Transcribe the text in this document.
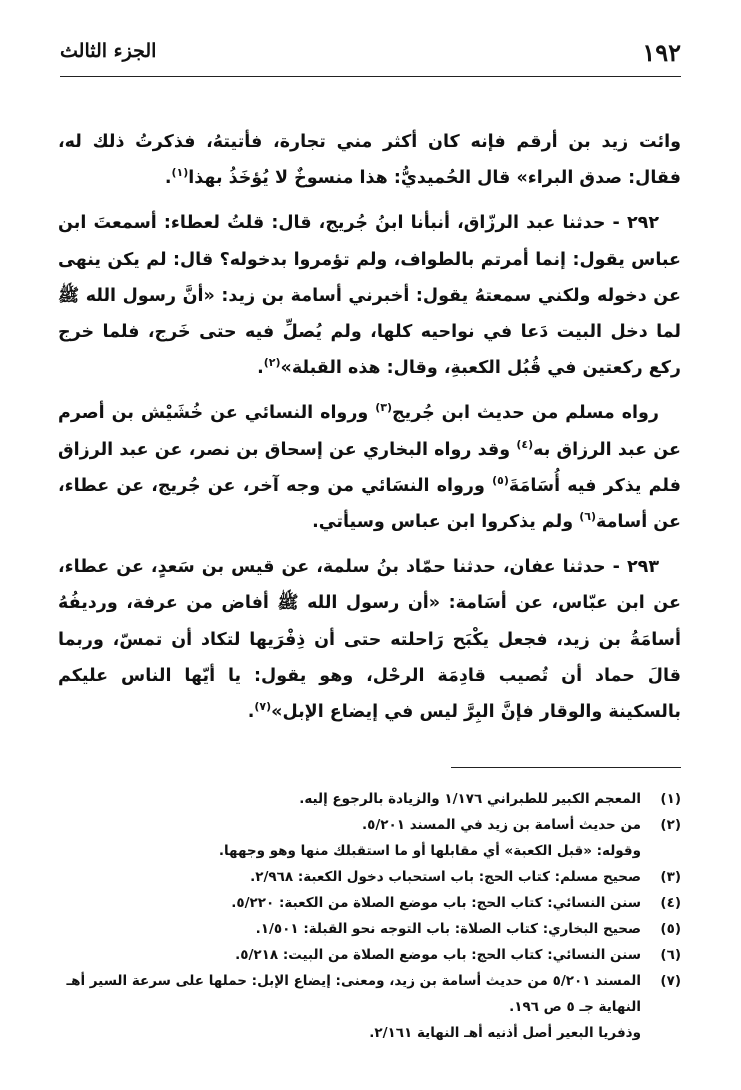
١٩٢
الجزء الثالث

وائت زيد بن أرقم فإنه كان أكثر مني تجارة، فأتيتهُ، فذكرتُ ذلك له، فقال: صدق البراء» قال الحُميديُّ: هذا منسوخٌ لا يُؤخَذُ بهذا$^{(١)}$.

٢٩٢ - حدثنا عبد الرزّاق، أنبأنا ابنُ جُريج، قال: قلتُ لعطاء: أسمعتَ ابن عباس يقول: إنما أمرتم بالطواف، ولم تؤمروا بدخوله؟ قال: لم يكن ينهى عن دخوله ولكني سمعتهُ يقول: أخبرني أسامة بن زيد: «أنَّ رسول الله ﷺ لما دخل البيت دَعا في نواحيه كلها، ولم يُصلِّ فيه حتى خَرج، فلما خرج ركع ركعتين في قُبُل الكعبةِ، وقال: هذه القبلة»$^{(٢)}$.

رواه مسلم من حديث ابن جُريج$^{(٣)}$ ورواه النسائي عن خُشَيْش بن أصرم عن عبد الرزاق به$^{(٤)}$ وقد رواه البخاري عن إسحاق بن نصر، عن عبد الرزاق فلم يذكر فيه أُسَامَةَ$^{(٥)}$ ورواه النسَائي من وجه آخر، عن جُريج، عن عطاء، عن أسامة$^{(٦)}$ ولم يذكروا ابن عباس وسيأتي.

٢٩٣ - حدثنا عفان، حدثنا حمّاد بنُ سلمة، عن قيس بن سَعدٍ، عن عطاء، عن ابن عبّاس، عن أسَامة: «أن رسول الله ﷺ أفاض من عرفة، ورديفُهُ أسامَةُ بن زيد، فجعل يكْبَح رَاحلته حتى أن ذِفْرَيها لتكاد أن تمسّ، وربما قالَ حماد أن تُصيب قادِمَة الرحْل، وهو يقول: يا أيّها الناس عليكم بالسكينة والوقار فإنَّ البِرَّ ليس في إيضاع الإبل»$^{(٧)}$.

(١)
المعجم الكبير للطبراني ١/١٧٦ والزيادة بالرجوع إليه.
(٢)
من حديث أسامة بن زيد في المسند ٥/٢٠١.
وقوله: «قبل الكعبة» أي مقابلها أو ما استقبلك منها وهو وجهها.
(٣)
صحيح مسلم: كتاب الحج: باب استحباب دخول الكعبة: ٢/٩٦٨.
(٤)
سنن النسائي: كتاب الحج: باب موضع الصلاة من الكعبة: ٥/٢٢٠.
(٥)
صحيح البخاري: كتاب الصلاة: باب التوجه نحو القبلة: ١/٥٠١.
(٦)
سنن النسائي: كتاب الحج: باب موضع الصلاة من البيت: ٥/٢١٨.
(٧)
المسند ٥/٢٠١ من حديث أسامة بن زيد، ومعنى: إيضاع الإبل: حملها على سرعة السير أهـ النهاية جـ ٥ ص ١٩٦.
وذفريا البعير أصل أذنيه أهـ النهاية ٢/١٦١.
